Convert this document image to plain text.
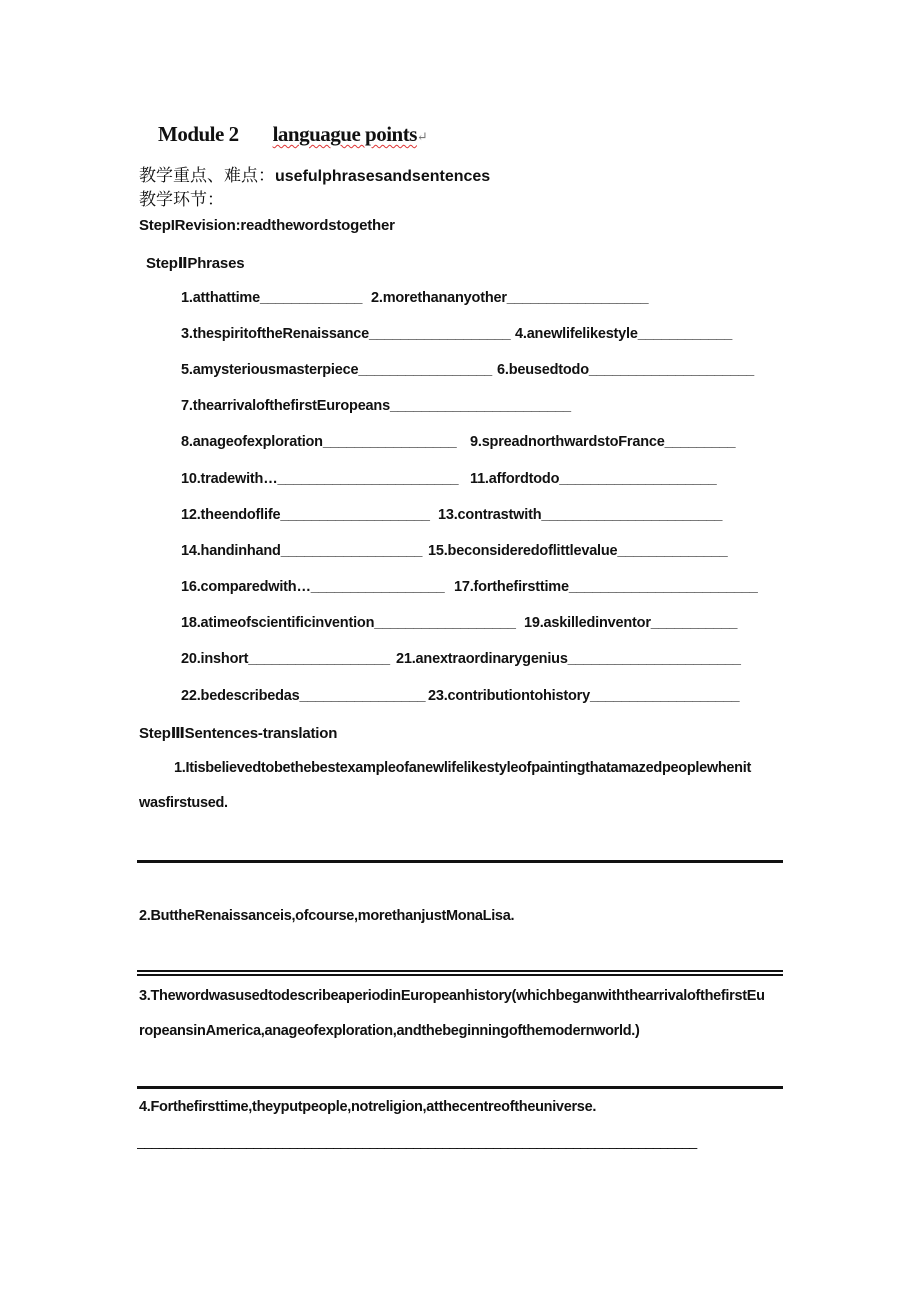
Module 2 languague points↵
教学重点、难点：usefulphrasesandsentences
教学环节：
StepIRevision:readthewordstogether
StepⅡPhrases
1.atthattime_____________ 2.morethananyother__________________
3.thespiritoftheRenaissance__________________ 4.anewlifelikestyle____________
5.amysteriousmasterpiece_________________ 6.beusedtodo_____________________
7.thearrivalofthefirstEuropeans_______________________
8.anageofexploration_________________ 9.spreadnorthwardstoFrance_________
10.tradewith…_______________________ 11.affordtodo____________________
12.theendoflife___________________ 13.contrastwith_______________________
14.handinhand__________________ 15.beconsideredoflittlevalue______________
16.comparedwith…_________________ 17.forthefirsttime________________________
18.atimeofscientificinvention__________________ 19.askilledinventor___________
20.inshort__________________ 21.anextraordinarygenius______________________
22.bedescribedas________________ 23.contributiontohistory___________________
StepⅢSentences-translation
1.Itisbelievedtobethebestexampleofanewlifelikestyleofpaintingthatamazedpeoplewhenit
wasfirstused.
2.ButtheRenaissanceis,ofcourse,morethanjustMonaLisa.
3.ThewordwasusedtodescribeaperiodinEuropeanhistory(whichbeganwiththearrivalofthefirstEu
ropeansinAmerica,anageofexploration,andthebeginningofthemodernworld.)
4.Forthefirsttime,theyputpeople,notreligion,atthecentreoftheuniverse.
_____________________________________________________________________________
